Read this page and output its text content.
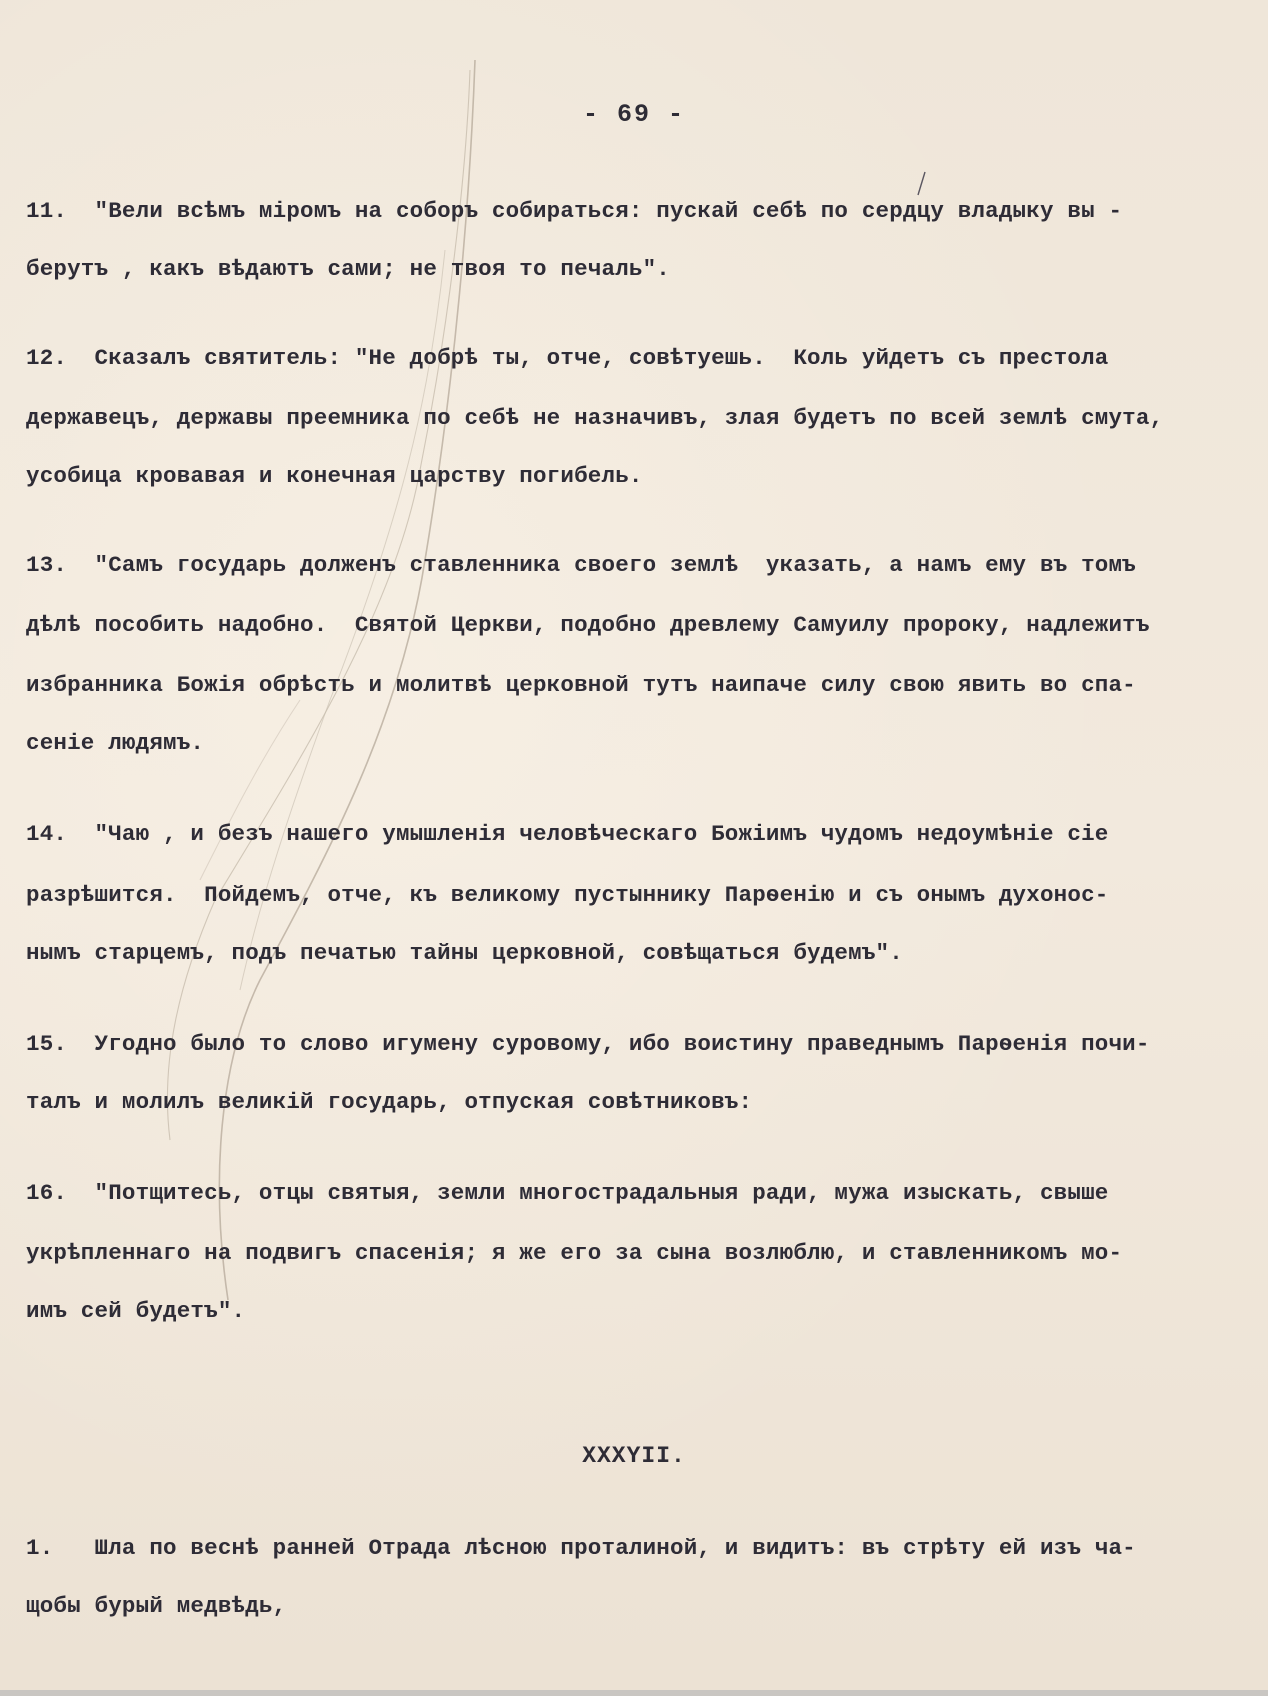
- 69 -
11.  "Вели всѣмъ міромъ на соборъ собираться: пускай себѣ по сердцу владыку вы -
берутъ , какъ вѣдаютъ сами; не твоя то печаль".
12.  Сказалъ святитель: "Не добрѣ ты, отче, совѣтуешь.  Коль уйдетъ съ престола
державецъ, державы преемника по себѣ не назначивъ, злая будетъ по всей землѣ смута,
усобица кровавая и конечная царству погибель.
13.  "Самъ государь долженъ ставленника своего землѣ  указать, а намъ ему въ томъ
дѣлѣ пособить надобно.  Святой Церкви, подобно древлему Самуилу пророку, надлежитъ
избранника Божія обрѣсть и молитвѣ церковной тутъ наипаче силу свою явить во спа-
сеніе людямъ.
14.  "Чаю , и безъ нашего умышленія человѣческаго Божіимъ чудомъ недоумѣніе сіе
разрѣшится.  Пойдемъ, отче, къ великому пустыннику Парѳенію и съ онымъ духонос-
нымъ старцемъ, подъ печатью тайны церковной, совѣщаться будемъ".
15.  Угодно было то слово игумену суровому, ибо воистину праведнымъ Парѳенія почи-
талъ и молилъ великій государь, отпуская совѣтниковъ:
16.  "Потщитесь, отцы святыя, земли многострадальныя ради, мужа изыскать, свыше
укрѣпленнаго на подвигъ спасенія; я же его за сына возлюблю, и ставленникомъ мо-
имъ сей будетъ".
XXXYII.
1.   Шла по веснѣ ранней Отрада лѣсною проталиной, и видитъ: въ стрѣту ей изъ ча-
щобы бурый медвѣдь,
